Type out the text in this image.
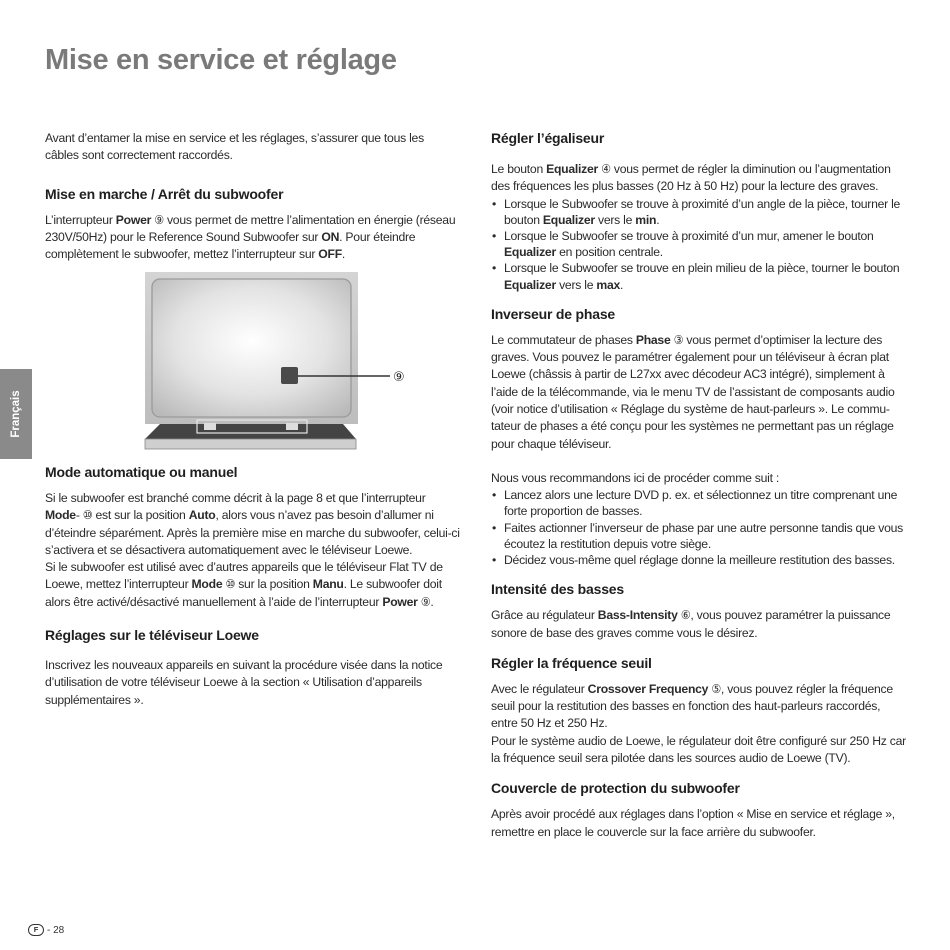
Mise en service et réglage
Français

Avant d’entamer la mise en service et les réglages, s’assurer que tous les câbles sont correctement raccordés.

Mise en marche / Arrêt du subwoofer

L’interrupteur Power ⑨ vous permet de mettre l’alimentation en énergie (réseau 230V/50Hz) pour le Reference Sound Subwoofer sur ON. Pour éteindre complètement le subwoofer, mettez l’interrupteur sur OFF.

⑨
Mode automatique ou manuel

Si le subwoofer est branché comme décrit à la page 8 et que l’interrupteur Mode- ⑩ est sur la position Auto, alors vous n’avez pas besoin d’allumer ni d’éteindre séparément. Après la première mise en marche du subwoofer, celui-ci s’activera et se désactivera automatiquement avec le téléviseur Loewe.

Si le subwoofer est utilisé avec d’autres appareils que le téléviseur Flat TV de Loewe, mettez l’interrupteur Mode ⑩ sur la position Manu. Le subwoofer doit alors être activé/désactivé manuellement à l’aide de l’interrupteur Power ⑨.

Réglages sur le téléviseur Loewe

Inscrivez les nouveaux appareils en suivant la procédure visée dans la notice d’utilisation de votre téléviseur Loewe à la section « Utilisation d’appareils supplémentaires ».

Régler l’égaliseur

Le bouton Equalizer ④ vous permet de régler la diminution ou l’augmentation des fréquences les plus basses (20 Hz à 50 Hz) pour la lecture des graves.

• Lorsque le Subwoofer se trouve à proximité d’un angle de la pièce, tourner le bouton Equalizer vers le min.
• Lorsque le Subwoofer se trouve à proximité d’un mur, amener le bouton Equalizer en position centrale.
• Lorsque le Subwoofer se trouve en plein milieu de la pièce, tourner le bouton Equalizer vers le max.
Inverseur de phase

Le commutateur de phases Phase ③ vous permet d’optimiser la lecture des graves. Vous pouvez le paramétrer également pour un téléviseur à écran plat Loewe (châssis à partir de L27xx avec décodeur AC3 intégré), simplement à l’aide de la télécommande, via le menu TV de l’assistant de composants audio (voir notice d’utilisation « Réglage du système de haut-parleurs ». Le commutateur de phases a été conçu pour les systèmes ne permettant pas un réglage pour chaque téléviseur.

Nous vous recommandons ici de procéder comme suit :

• Lancez alors une lecture DVD p. ex. et sélectionnez un titre comprenant une forte proportion de basses.
• Faites actionner l’inverseur de phase par une autre personne tandis que vous écoutez la restitution depuis votre siège.
• Décidez vous-même quel réglage donne la meilleure restitution des basses.
Intensité des basses

Grâce au régulateur Bass-Intensity ⑥, vous pouvez paramétrer la puissance sonore de base des graves comme vous le désirez.

Régler la fréquence seuil

Avec le régulateur Crossover Frequency ⑤, vous pouvez régler la fréquence seuil pour la restitution des basses en fonction des haut-parleurs raccordés, entre 50 Hz et 250 Hz.

Pour le système audio de Loewe, le régulateur doit être configuré sur 250 Hz car la fréquence seuil sera pilotée dans les sources audio de Loewe (TV).

Couvercle de protection du subwoofer

Après avoir procédé aux réglages dans l’option « Mise en service et réglage », remettre en place le couvercle sur la face arrière du subwoofer.

F - 28
